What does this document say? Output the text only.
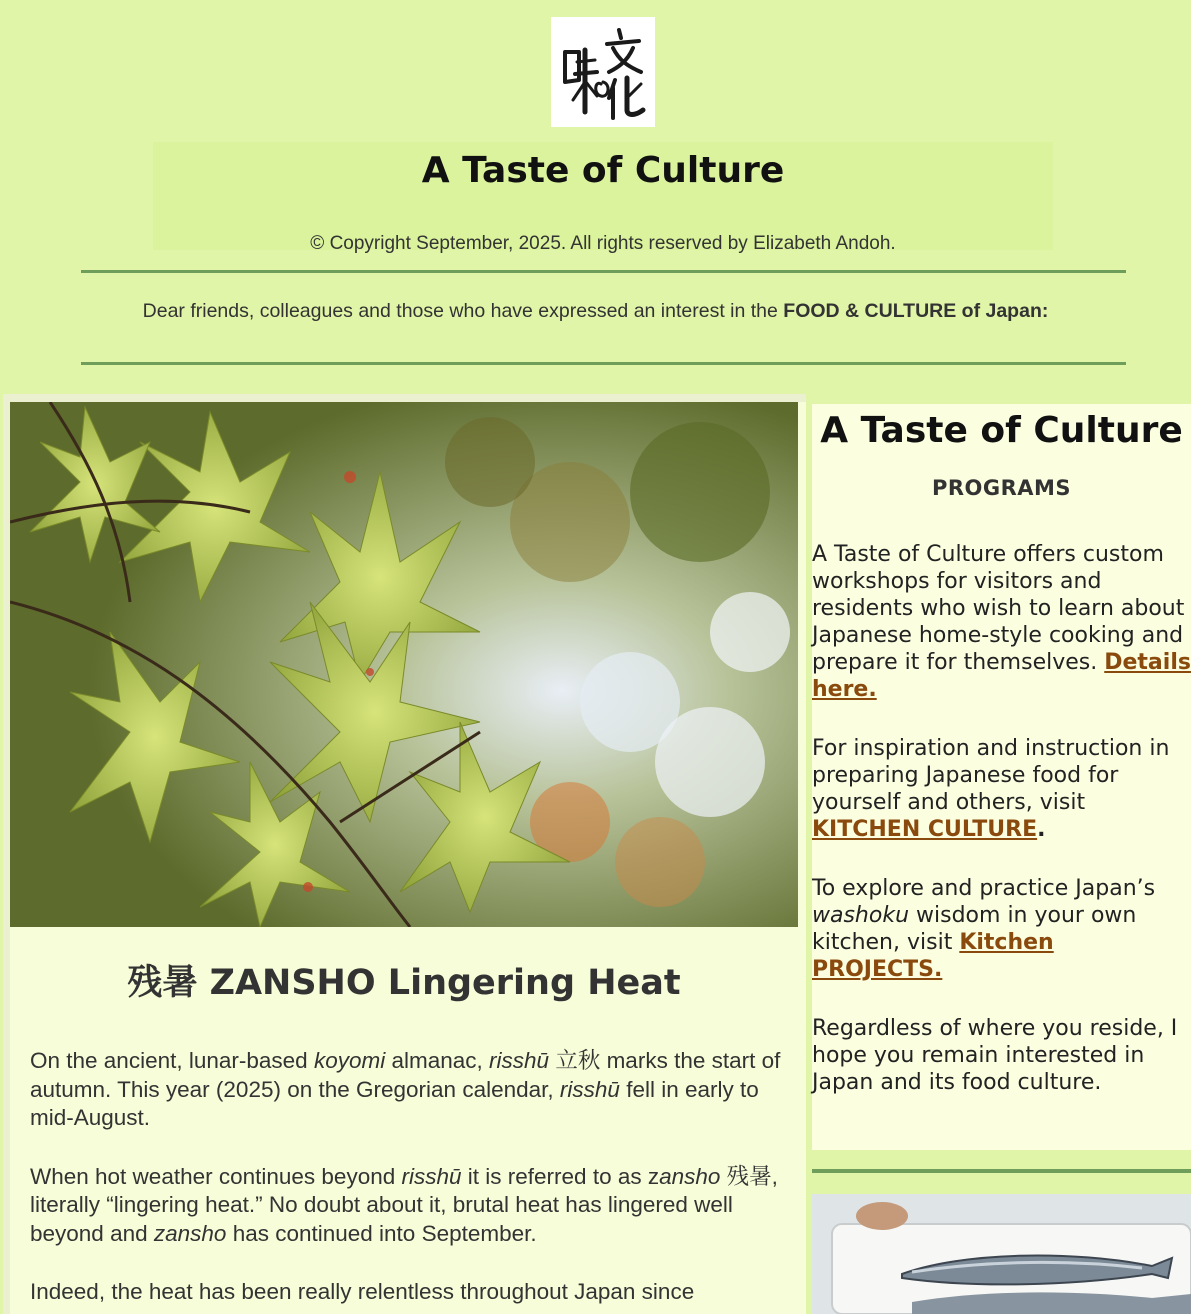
A Taste of Culture
© Copyright September, 2025. All rights reserved by Elizabeth Andoh.
Dear friends, colleagues and those who have expressed an interest in the FOOD & CULTURE of Japan:
残暑 ZANSHO Lingering Heat

On the ancient, lunar-based koyomi almanac, risshū 立秋 marks the start of autumn. This year (2025) on the Gregorian calendar, risshū fell in early to mid-August.

When hot weather continues beyond risshū it is referred to as zansho 残暑, literally “lingering heat.” No doubt about it, brutal heat has lingered well beyond and zansho has continued into September.

Indeed, the heat has been really relentless throughout Japan since

A Taste of Culture
PROGRAMS

A Taste of Culture offers custom workshops for visitors and residents who wish to learn about Japanese home-style cooking and prepare it for themselves. Details here.

For inspiration and instruction in preparing Japanese food for yourself and others, visit KITCHEN CULTURE.

To explore and practice Japan’s washoku wisdom in your own kitchen, visit Kitchen PROJECTS.

Regardless of where you reside, I hope you remain interested in Japan and its food culture.
